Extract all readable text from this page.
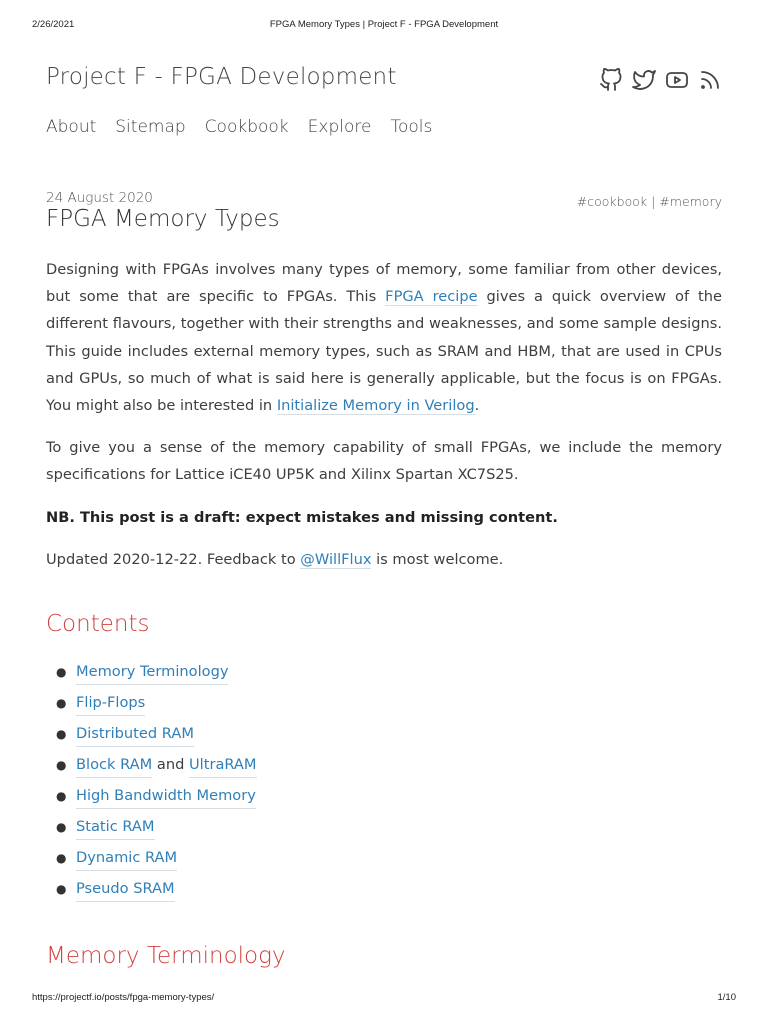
2/26/2021	FPGA Memory Types | Project F - FPGA Development
Project F - FPGA Development
About Sitemap Cookbook Explore Tools
24 August 2020	#cookbook | #memory
FPGA Memory Types

Designing with FPGAs involves many types of memory, some familiar from other devices, but some that are specific to FPGAs. This FPGA recipe gives a quick overview of the different flavours, together with their strengths and weaknesses, and some sample designs. This guide includes external memory types, such as SRAM and HBM, that are used in CPUs and GPUs, so much of what is said here is generally applicable, but the focus is on FPGAs. You might also be interested in Initialize Memory in Verilog.

To give you a sense of the memory capability of small FPGAs, we include the memory specifications for Lattice iCE40 UP5K and Xilinx Spartan XC7S25.

NB. This post is a draft: expect mistakes and missing content.

Updated 2020-12-22. Feedback to @WillFlux is most welcome.

Contents
● Memory Terminology
● Flip-Flops
● Distributed RAM
● Block RAM
and
UltraRAM
● High Bandwidth Memory
● Static RAM
● Dynamic RAM
● Pseudo SRAM
Memory Terminology
https://projectf.io/posts/fpga-memory-types/	1/10
